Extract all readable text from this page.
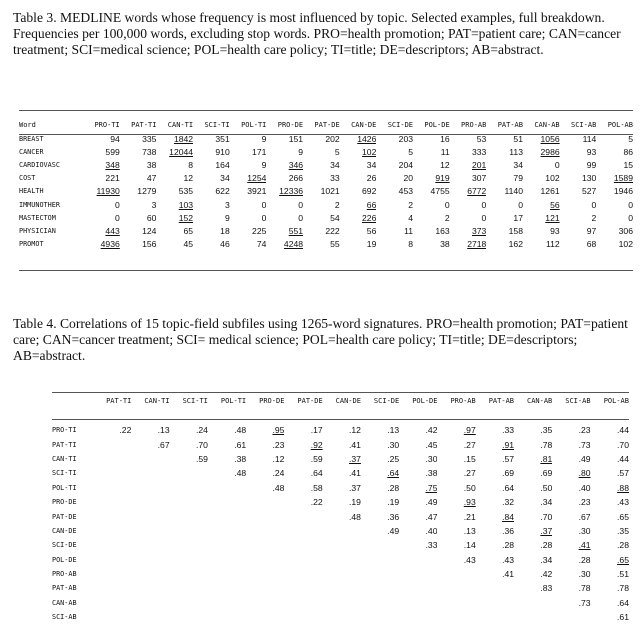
Table 3. MEDLINE words whose frequency is most influenced by topic. Selected examples, full breakdown. Frequencies per 100,000 words, excluding stop words. PRO=health promotion; PAT=patient care; CAN=cancer treatment; SCI=medical science; POL=health care policy; TI=title; DE=descriptors; AB=abstract.

Word	PRO-TI	PAT-TI	CAN-TI	SCI-TI	POL-TI	PRO-DE	PAT-DE	CAN-DE	SCI-DE	POL-DE	PRO-AB	PAT-AB	CAN-AB	SCI-AB	POL-AB
BREAST	94	335	1842	351	9	151	202	1426	203	16	53	51	1056	114	5
CANCER	599	738	12044	910	171	9	5	102	5	11	333	113	2986	93	86
CARDIOVASC	348	38	8	164	9	346	34	34	204	12	201	34	0	99	15
COST	221	47	12	34	1254	266	33	26	20	919	307	79	102	130	1589
HEALTH	11930	1279	535	622	3921	12336	1021	692	453	4755	6772	1140	1261	527	1946
IMMUNOTHER	0	3	103	3	0	0	2	66	2	0	0	0	56	0	0
MASTECTOM	0	60	152	9	0	0	54	226	4	2	0	17	121	2	0
PHYSICIAN	443	124	65	18	225	551	222	56	11	163	373	158	93	97	306
PROMOT	4936	156	45	46	74	4248	55	19	8	38	2718	162	112	68	102

Table 4. Correlations of 15 topic-field subfiles using 1265-word signatures. PRO=health promotion; PAT=patient care; CAN=cancer treatment; SCI= medical science; POL=health care policy; TI=title; DE=descriptors; AB=abstract.

	PAT-TI	CAN-TI	SCI-TI	POL-TI	PRO-DE	PAT-DE	CAN-DE	SCI-DE	POL-DE	PRO-AB	PAT-AB	CAN-AB	SCI-AB	POL-AB
PRO-TI	.22	.13	.24	.48	.95	.17	.12	.13	.42	.97	.33	.35	.23	.44
PAT-TI		.67	.70	.61	.23	.92	.41	.30	.45	.27	.91	.78	.73	.70
CAN-TI			.59	.38	.12	.59	.37	.25	.30	.15	.57	.81	.49	.44
SCI-TI				.48	.24	.64	.41	.64	.38	.27	.69	.69	.80	.57
POL-TI					.48	.58	.37	.28	.75	.50	.64	.50	.40	.88
PRO-DE						.22	.19	.19	.49	.93	.32	.34	.23	.43
PAT-DE							.48	.36	.47	.21	.84	.70	.67	.65
CAN-DE								.49	.40	.13	.36	.37	.30	.35
SCI-DE									.33	.14	.28	.28	.41	.28
POL-DE										.43	.43	.34	.28	.65
PRO-AB											.41	.42	.30	.51
PAT-AB												.83	.78	.78
CAN-AB													.73	.64
SCI-AB														.61
